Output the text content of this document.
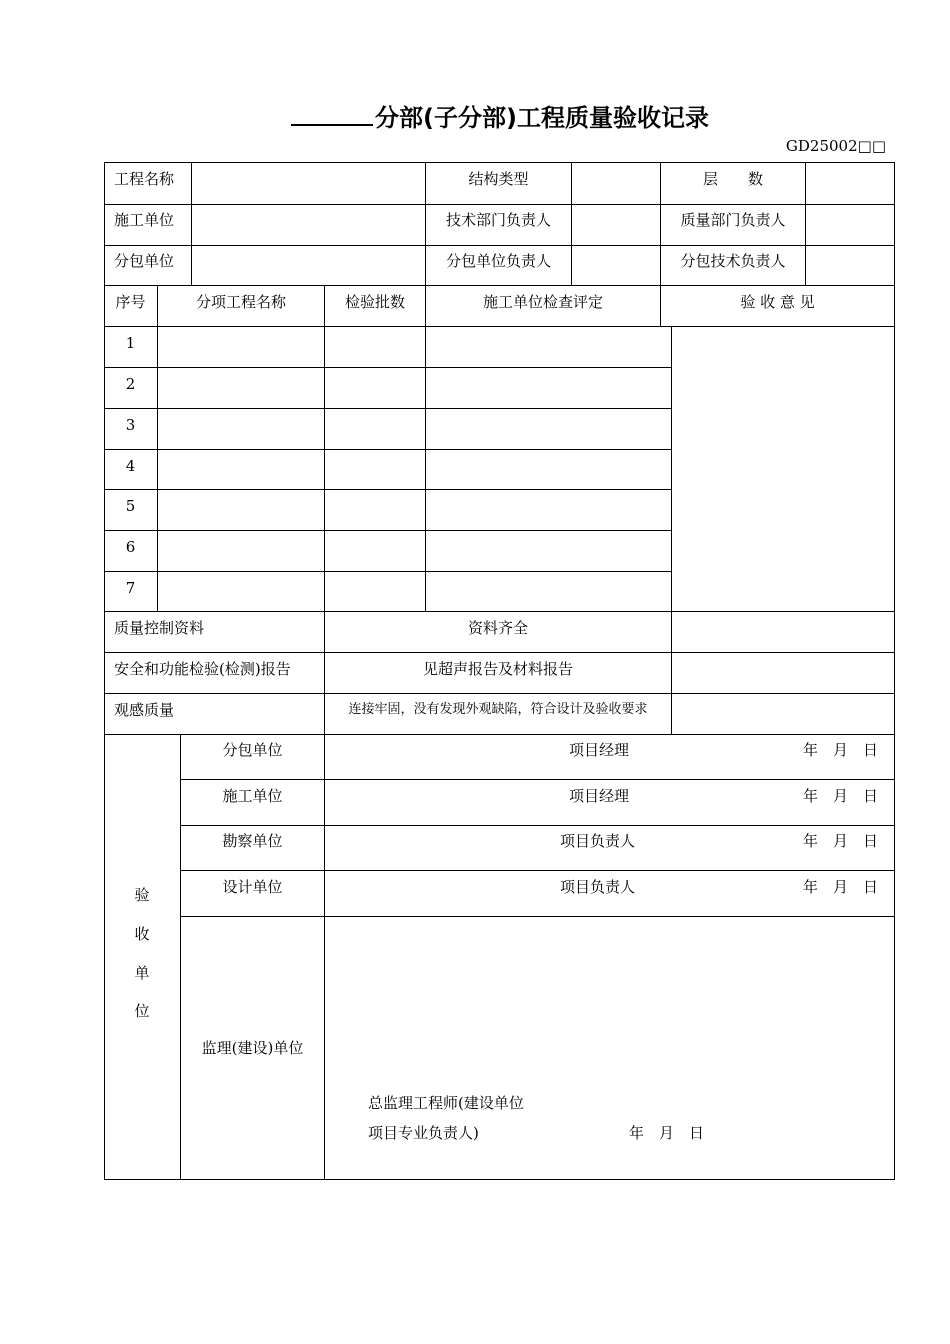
分部(子分部)工程质量验收记录
GD25002□□
工程名称	结构类型	层　　数
施工单位	技术部门负责人	质量部门负责人
分包单位	分包单位负责人	分包技术负责人
序号	分项工程名称	检验批数	施工单位检查评定	验 收 意 见
1
2
3
4
5
6
7
质量控制资料	资料齐全
安全和功能检验(检测)报告	见超声报告及材料报告
观感质量	连接牢固，没有发现外观缺陷，符合设计及验收要求
验
收
单
位
分包单位	项目经理	年　月　日
施工单位	项目经理	年　月　日
勘察单位	项目负责人	年　月　日
设计单位	项目负责人	年　月　日
监理(建设)单位
总监理工程师(建设单位
项目专业负责人)	年　月　日
